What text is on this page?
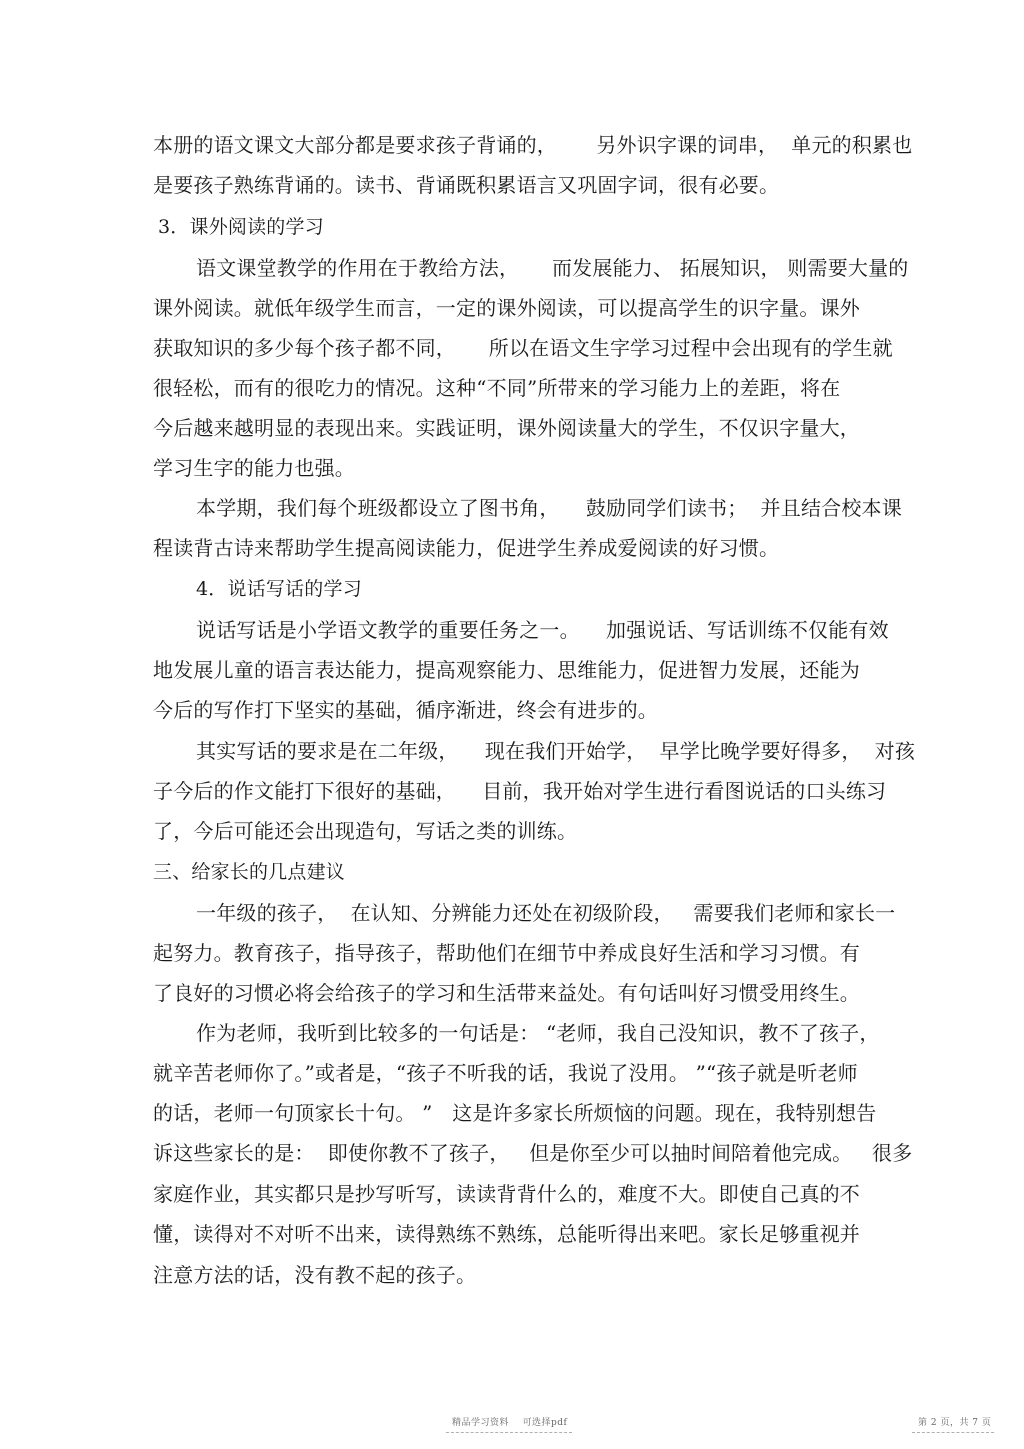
本册的语文课文大部分都是要求孩子背诵的，      另外识字课的词串，  单元的积累也
是要孩子熟练背诵的。读书、背诵既积累语言又巩固字词，很有必要。
3．课外阅读的学习
语文课堂教学的作用在于教给方法，     而发展能力、 拓展知识， 则需要大量的
课外阅读。就低年级学生而言，一定的课外阅读，可以提高学生的识字量。课外
获取知识的多少每个孩子都不同，     所以在语文生字学习过程中会出现有的学生就
很轻松，而有的很吃力的情况。这种“不同”所带来的学习能力上的差距，将在
今后越来越明显的表现出来。实践证明，课外阅读量大的学生，不仅识字量大，
学习生字的能力也强。
本学期，我们每个班级都设立了图书角，    鼓励同学们读书；  并且结合校本课
程读背古诗来帮助学生提高阅读能力，促进学生养成爱阅读的好习惯。
4．说话写话的学习
说话写话是小学语文教学的重要任务之一。    加强说话、写话训练不仅能有效
地发展儿童的语言表达能力，提高观察能力、思维能力，促进智力发展，还能为
今后的写作打下坚实的基础，循序渐进，终会有进步的。
其实写话的要求是在二年级，    现在我们开始学，  早学比晚学要好得多，  对孩
子今后的作文能打下很好的基础，    目前，我开始对学生进行看图说话的口头练习
了，今后可能还会出现造句，写话之类的训练。
三、给家长的几点建议
一年级的孩子，  在认知、分辨能力还处在初级阶段，   需要我们老师和家长一
起努力。教育孩子，指导孩子，帮助他们在细节中养成良好生活和学习习惯。有
了良好的习惯必将会给孩子的学习和生活带来益处。有句话叫好习惯受用终生。
作为老师，我听到比较多的一句话是： “老师，我自己没知识，教不了孩子，
就辛苦老师你了。”或者是，“孩子不听我的话，我说了没用。 ”“孩子就是听老师
的话，老师一句顶家长十句。 ”   这是许多家长所烦恼的问题。现在，我特别想告
诉这些家长的是：  即使你教不了孩子，   但是你至少可以抽时间陪着他完成。   很多
家庭作业，其实都只是抄写听写，读读背背什么的，难度不大。即使自己真的不
懂，读得对不对听不出来，读得熟练不熟练，总能听得出来吧。家长足够重视并
注意方法的话，没有教不起的孩子。
精品学习资料    可选择pdf	第 2 页，共 7 页
